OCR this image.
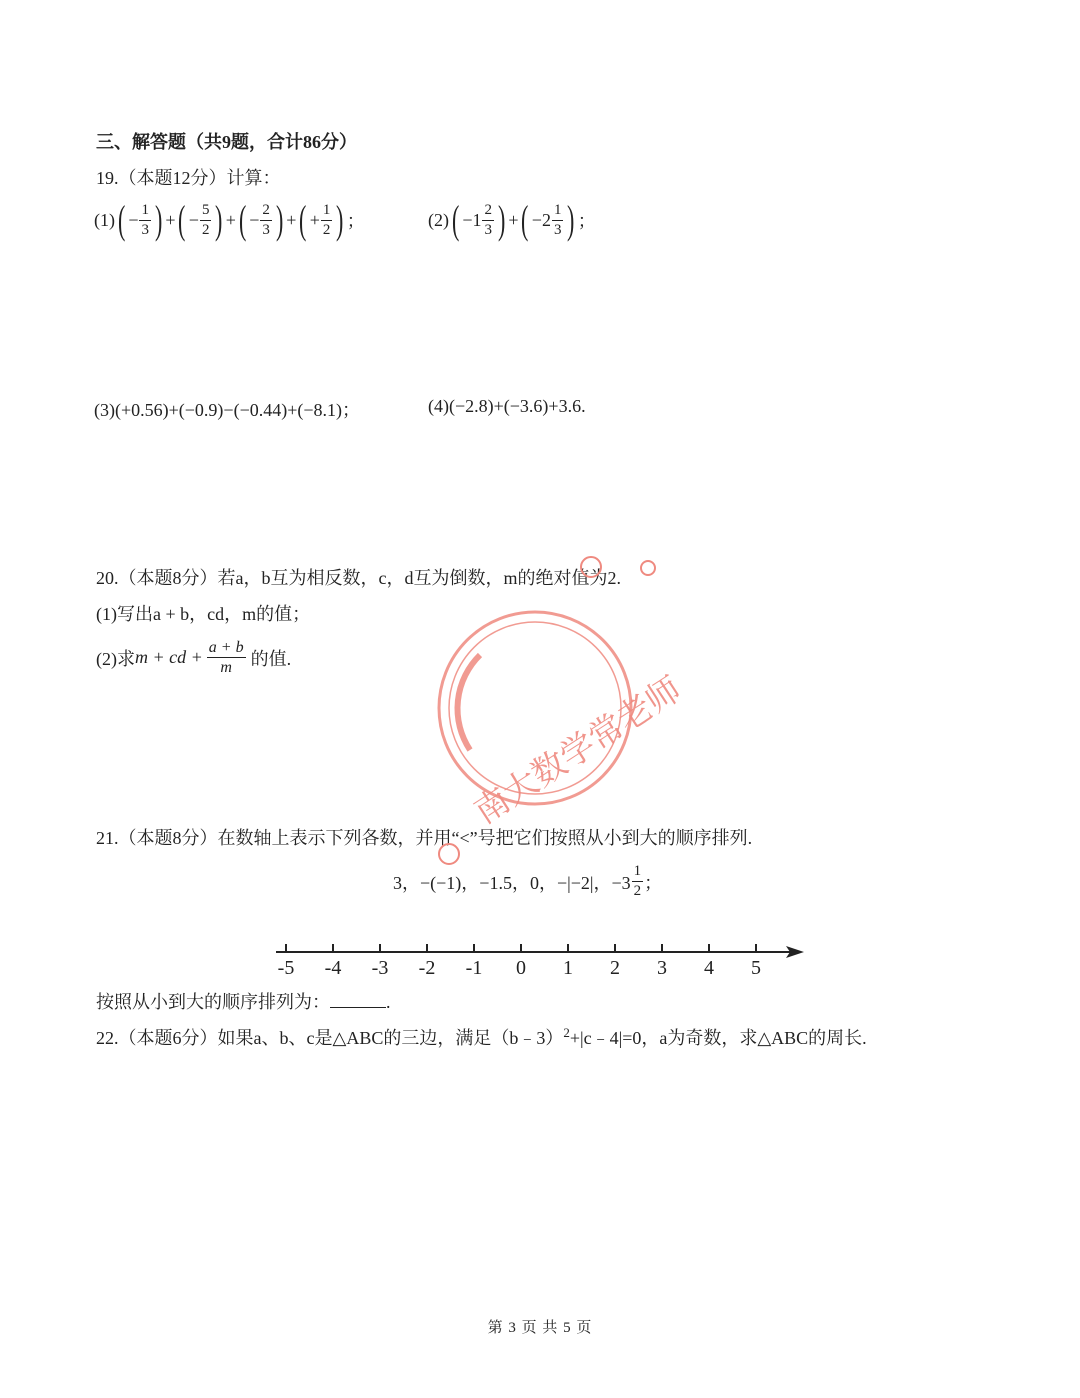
三、解答题（共9题，合计86分）
19.（本题12分）计算：
(1) ( − $\frac{1}{3}$ ) + ( − $\frac{5}{2}$ ) + ( − $\frac{2}{3}$ ) + ( + $\frac{1}{2}$ ) ；	(2) ( −1 2
3 ) + ( −2 1
3 ) ；
(3)(+0.56)+(−0.9)−(−0.44)+(−8.1)；	(4)(−2.8)+(−3.6)+3.6.
20.（本题8分）若a，b互为相反数，c，d互为倒数，m的绝对值为2.
(1)写出a + b，cd，m的值；
(2)求 m + cd + $\frac{a + b}{m}$ 的值.
南大数学常老师
21.（本题8分）在数轴上表示下列各数，并用“<”号把它们按照从小到大的顺序排列.
3，−(−1)，−1.5，0，−|−2|，$-3 \frac{1}{2}$ ；
-5 -4 -3 -2 -1 0 1 2 3 4 5
按照从小到大的顺序排列为：	.
22.（本题6分）如果a、b、c是△ABC的三边，满足（b﹣3）$^2$+|c﹣4|=0，a为奇数，求△ABC的周长.
第 3 页 共 5 页
